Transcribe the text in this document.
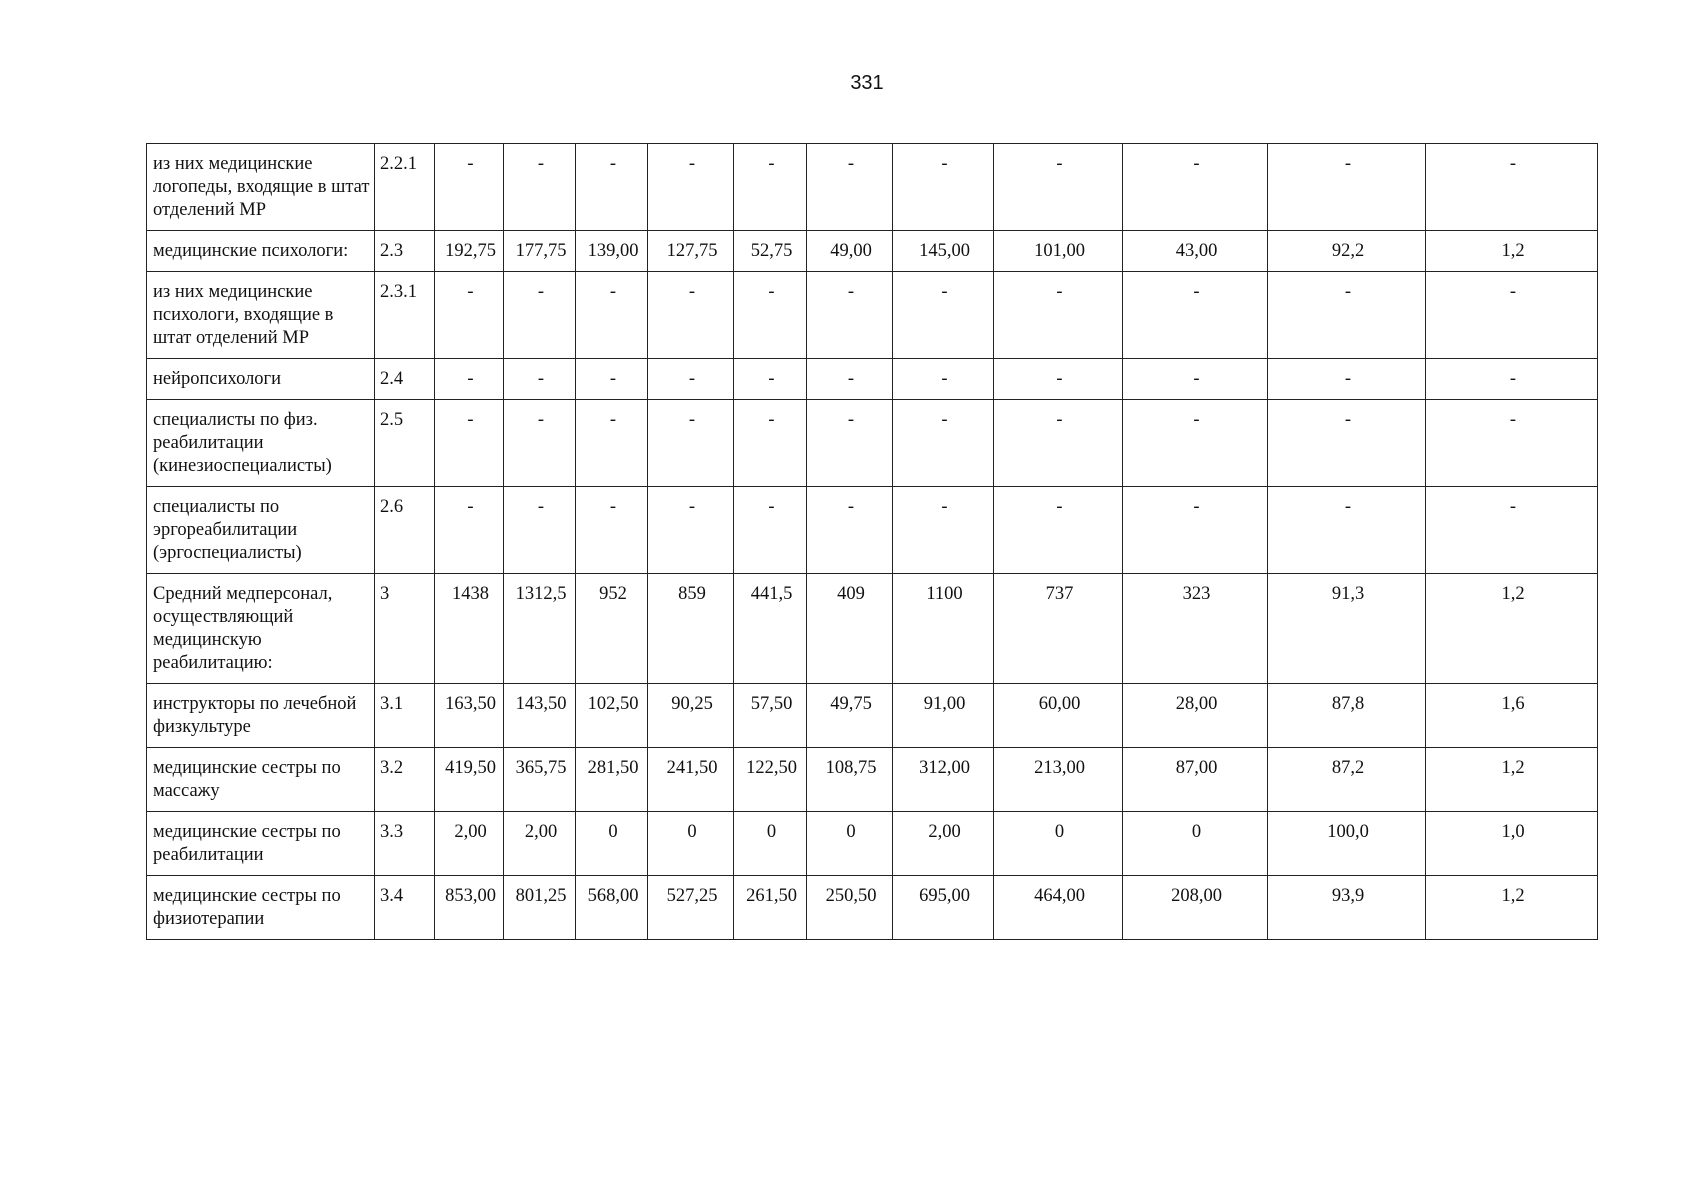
331
из них медицинские логопеды, входящие в штат отделений МР	2.2.1	-	-	-	-	-	-	-	-	-	-	-
медицинские психологи:	2.3	192,75	177,75	139,00	127,75	52,75	49,00	145,00	101,00	43,00	92,2	1,2
из них медицинские психологи, входящие в штат отделений МР	2.3.1	-	-	-	-	-	-	-	-	-	-	-
нейропсихологи	2.4	-	-	-	-	-	-	-	-	-	-	-
специалисты по физ. реабилитации (кинезиоспециалисты)	2.5	-	-	-	-	-	-	-	-	-	-	-
специалисты по эргореабилитации (эргоспециалисты)	2.6	-	-	-	-	-	-	-	-	-	-	-
Средний медперсонал, осуществляющий медицинскую реабилитацию:	3	1438	1312,5	952	859	441,5	409	1100	737	323	91,3	1,2
инструкторы по лечебной физкультуре	3.1	163,50	143,50	102,50	90,25	57,50	49,75	91,00	60,00	28,00	87,8	1,6
медицинские сестры по массажу	3.2	419,50	365,75	281,50	241,50	122,50	108,75	312,00	213,00	87,00	87,2	1,2
медицинские сестры по реабилитации	3.3	2,00	2,00	0	0	0	0	2,00	0	0	100,0	1,0
медицинские сестры по физиотерапии	3.4	853,00	801,25	568,00	527,25	261,50	250,50	695,00	464,00	208,00	93,9	1,2
